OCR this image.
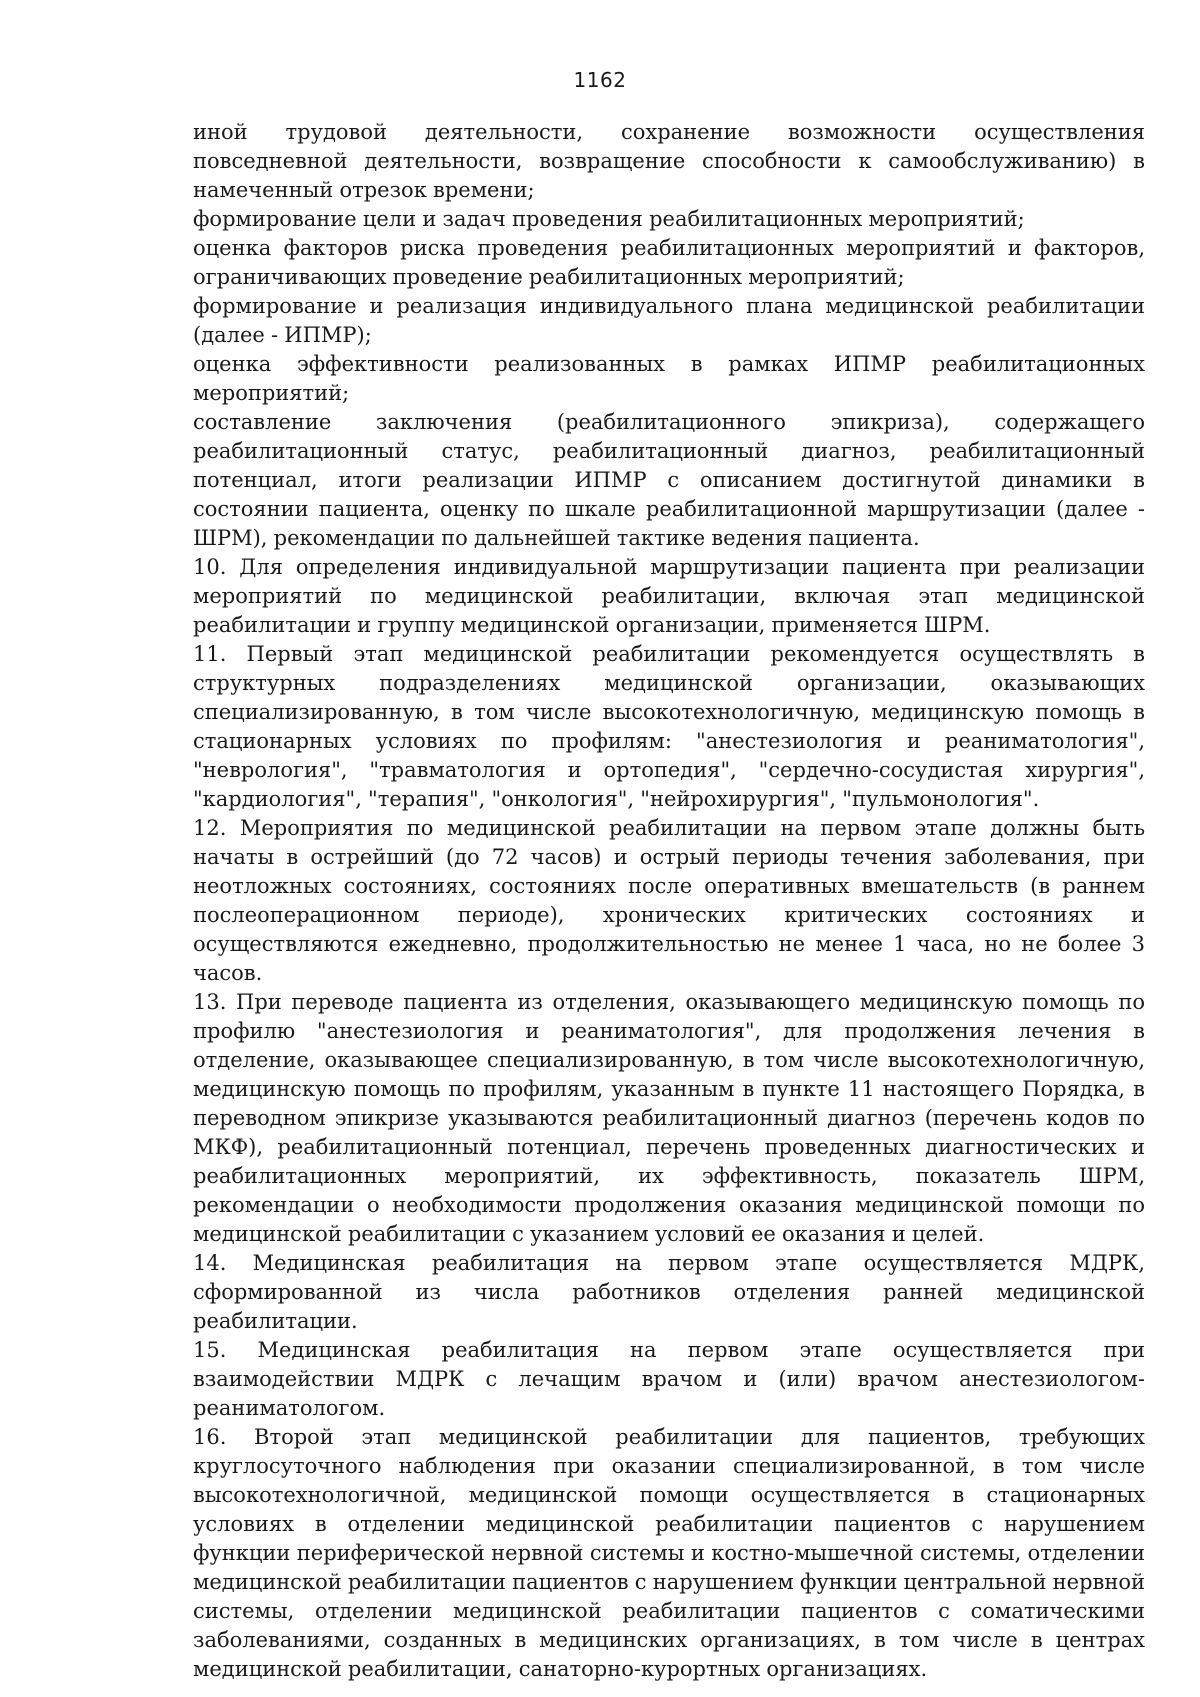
1162

иной трудовой деятельности, сохранение возможности осуществления повседневной деятельности, возвращение способности к самообслуживанию) в намеченный отрезок времени;

формирование цели и задач проведения реабилитационных мероприятий;

оценка факторов риска проведения реабилитационных мероприятий и факторов, ограничивающих проведение реабилитационных мероприятий;

формирование и реализация индивидуального плана медицинской реабилитации (далее - ИПМР);

оценка эффективности реализованных в рамках ИПМР реабилитационных мероприятий;

составление заключения (реабилитационного эпикриза), содержащего реабилитационный статус, реабилитационный диагноз, реабилитационный потенциал, итоги реализации ИПМР с описанием достигнутой динамики в состоянии пациента, оценку по шкале реабилитационной маршрутизации (далее - ШРМ), рекомендации по дальнейшей тактике ведения пациента.

10. Для определения индивидуальной маршрутизации пациента при реализации мероприятий по медицинской реабилитации, включая этап медицинской реабилитации и группу медицинской организации, применяется ШРМ.

11. Первый этап медицинской реабилитации рекомендуется осуществлять в структурных подразделениях медицинской организации, оказывающих специализированную, в том числе высокотехнологичную, медицинскую помощь в стационарных условиях по профилям: "анестезиология и реаниматология", "неврология", "травматология и ортопедия", "сердечно-сосудистая хирургия", "кардиология", "терапия", "онкология", "нейрохирургия", "пульмонология".

12. Мероприятия по медицинской реабилитации на первом этапе должны быть начаты в острейший (до 72 часов) и острый периоды течения заболевания, при неотложных состояниях, состояниях после оперативных вмешательств (в раннем послеоперационном периоде), хронических критических состояниях и осуществляются ежедневно, продолжительностью не менее 1 часа, но не более 3 часов.

13. При переводе пациента из отделения, оказывающего медицинскую помощь по профилю "анестезиология и реаниматология", для продолжения лечения в отделение, оказывающее специализированную, в том числе высокотехнологичную, медицинскую помощь по профилям, указанным в пункте 11 настоящего Порядка, в переводном эпикризе указываются реабилитационный диагноз (перечень кодов по МКФ), реабилитационный потенциал, перечень проведенных диагностических и реабилитационных мероприятий, их эффективность, показатель ШРМ, рекомендации о необходимости продолжения оказания медицинской помощи по медицинской реабилитации с указанием условий ее оказания и целей.

14. Медицинская реабилитация на первом этапе осуществляется МДРК, сформированной из числа работников отделения ранней медицинской реабилитации.

15. Медицинская реабилитация на первом этапе осуществляется при взаимодействии МДРК с лечащим врачом и (или) врачом анестезиологом-реаниматологом.

16. Второй этап медицинской реабилитации для пациентов, требующих круглосуточного наблюдения при оказании специализированной, в том числе высокотехнологичной, медицинской помощи осуществляется в стационарных условиях в отделении медицинской реабилитации пациентов с нарушением функции периферической нервной системы и костно-мышечной системы, отделении медицинской реабилитации пациентов с нарушением функции центральной нервной системы, отделении медицинской реабилитации пациентов с соматическими заболеваниями, созданных в медицинских организациях, в том числе в центрах медицинской реабилитации, санаторно-курортных организациях.
